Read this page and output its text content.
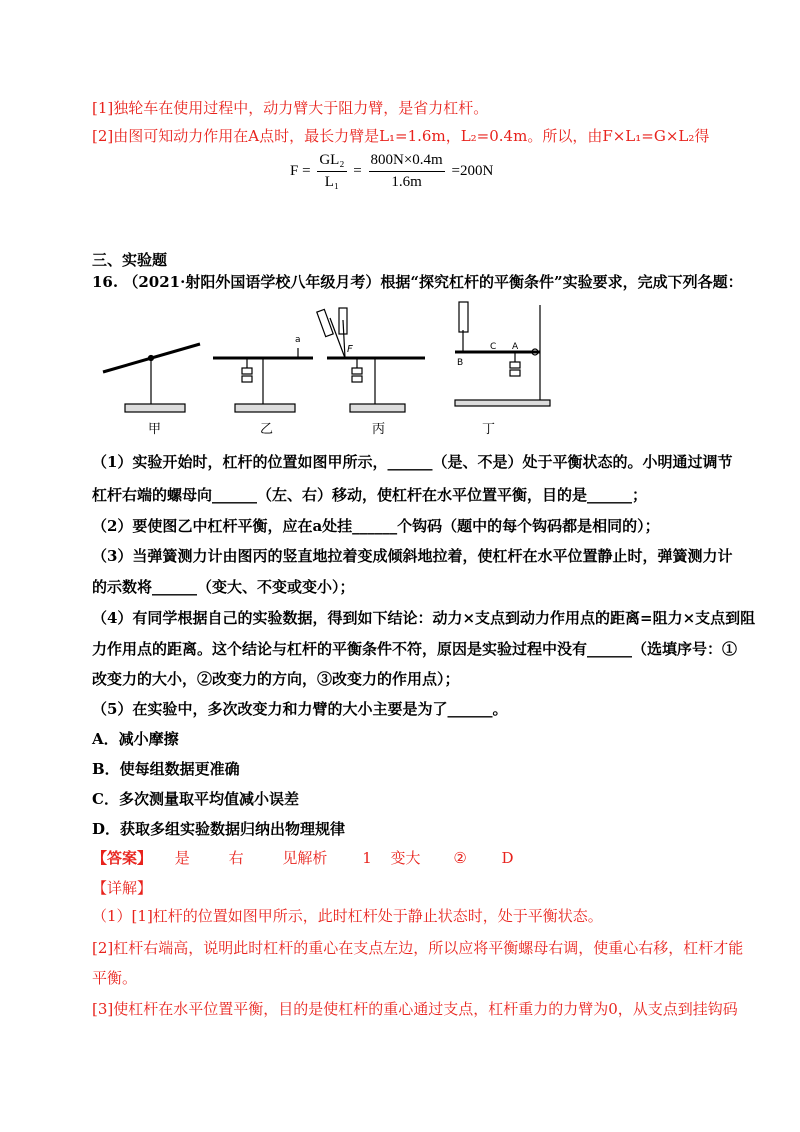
[1]独轮车在使用过程中，动力臂大于阻力臂，是省力杠杆。
[2]由图可知动力作用在A点时，最长力臂是L₁=1.6m，L₂=0.4m。所以，由F×L₁=G×L₂得
$F = \frac{\text{GL₂}}{\text{L₁}} = \frac{800N\times 0.4m}{1.6m} =200N$
三、实验题
16. （2021·射阳外国语学校八年级月考）根据“探究杠杆的平衡条件”实验要求，完成下列各题：
a
F
B
C A
甲	乙	丙	丁
（1）实验开始时，杠杆的位置如图甲所示，______（是、不是）处于平衡状态的。小明通过调节
杠杆右端的螺母向______（左、右）移动，使杠杆在水平位置平衡，目的是______；
（2）要使图乙中杠杆平衡，应在a处挂______个钩码（题中的每个钩码都是相同的）；
（3）当弹簧测力计由图丙的竖直地拉着变成倾斜地拉着，使杠杆在水平位置静止时，弹簧测力计
的示数将______（变大、不变或变小）；
（4）有同学根据自己的实验数据，得到如下结论：动力×支点到动力作用点的距离=阻力×支点到阻
力作用点的距离。这个结论与杠杆的平衡条件不符，原因是实验过程中没有______（选填序号：①
改变力的大小，②改变力的方向，③改变力的作用点）；
（5）在实验中，多次改变力和力臂的大小主要是为了______。
A．减小摩擦
B．使每组数据更准确
C．多次测量取平均值减小误差
D．获取多组实验数据归纳出物理规律
【答案】 是	右	见解析 1 变大 ② D
【详解】
（1）[1]杠杆的位置如图甲所示，此时杠杆处于静止状态时，处于平衡状态。
[2]杠杆右端高，说明此时杠杆的重心在支点左边，所以应将平衡螺母右调，使重心右移，杠杆才能
平衡。
[3]使杠杆在水平位置平衡，目的是使杠杆的重心通过支点，杠杆重力的力臂为0，从支点到挂钩码
